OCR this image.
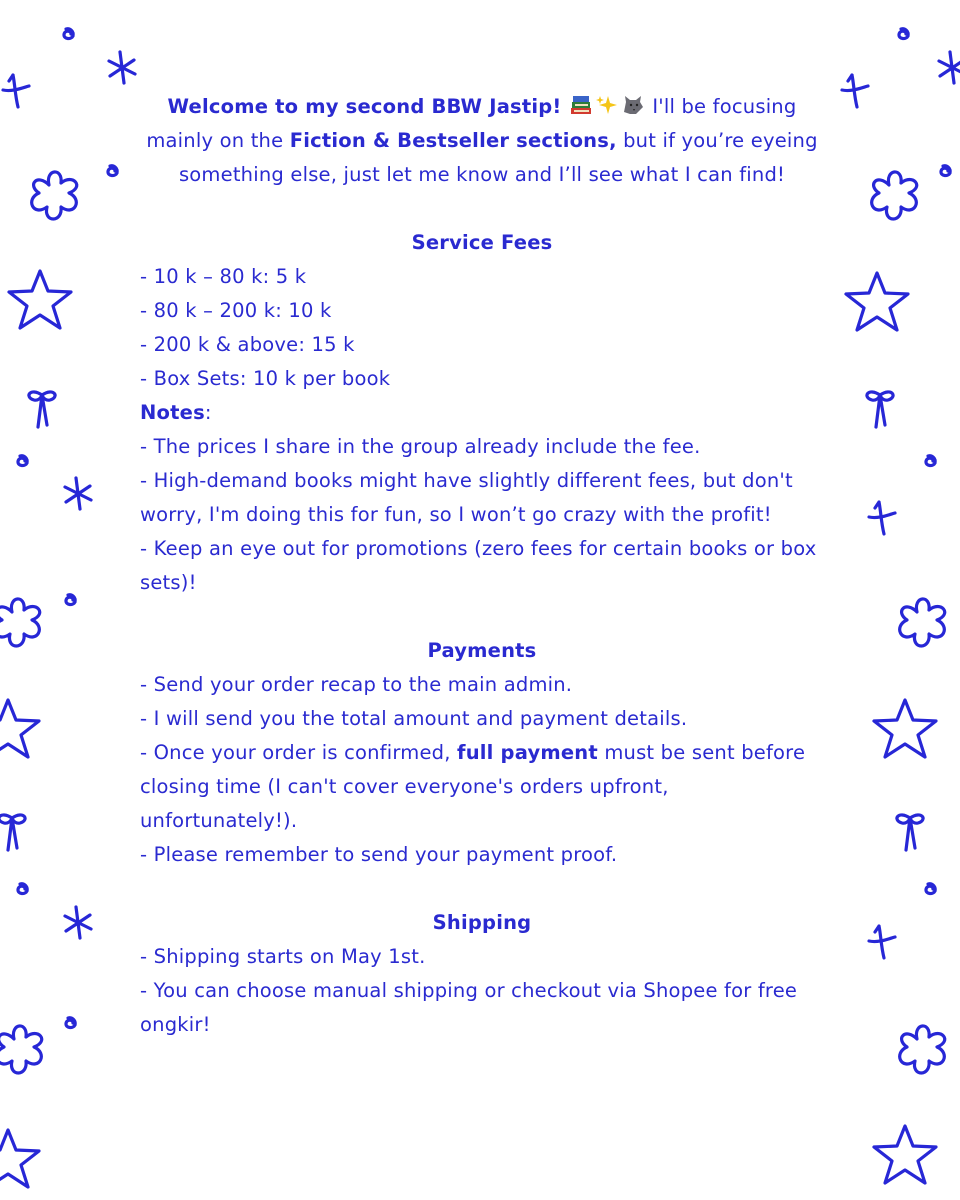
Welcome to my second BBW Jastip!	I'll be focusing mainly on the Fiction & Bestseller sections, but if you’re eyeing something else, just let me know and I’ll see what I can find!

Service Fees

- 10 k – 80 k: 5 k

- 80 k – 200 k: 10 k

- 200 k & above: 15 k

- Box Sets: 10 k per book

Notes:

- The prices I share in the group already include the fee.

- High-demand books might have slightly different fees, but don't worry, I'm doing this for fun, so I won’t go crazy with the profit!

- Keep an eye out for promotions (zero fees for certain books or box sets)!

Payments

- Send your order recap to the main admin.

- I will send you the total amount and payment details.

- Once your order is confirmed, full payment must be sent before closing time (I can't cover everyone's orders upfront, unfortunately!).

- Please remember to send your payment proof.

Shipping

- Shipping starts on May 1st.

- You can choose manual shipping or checkout via Shopee for free ongkir!
